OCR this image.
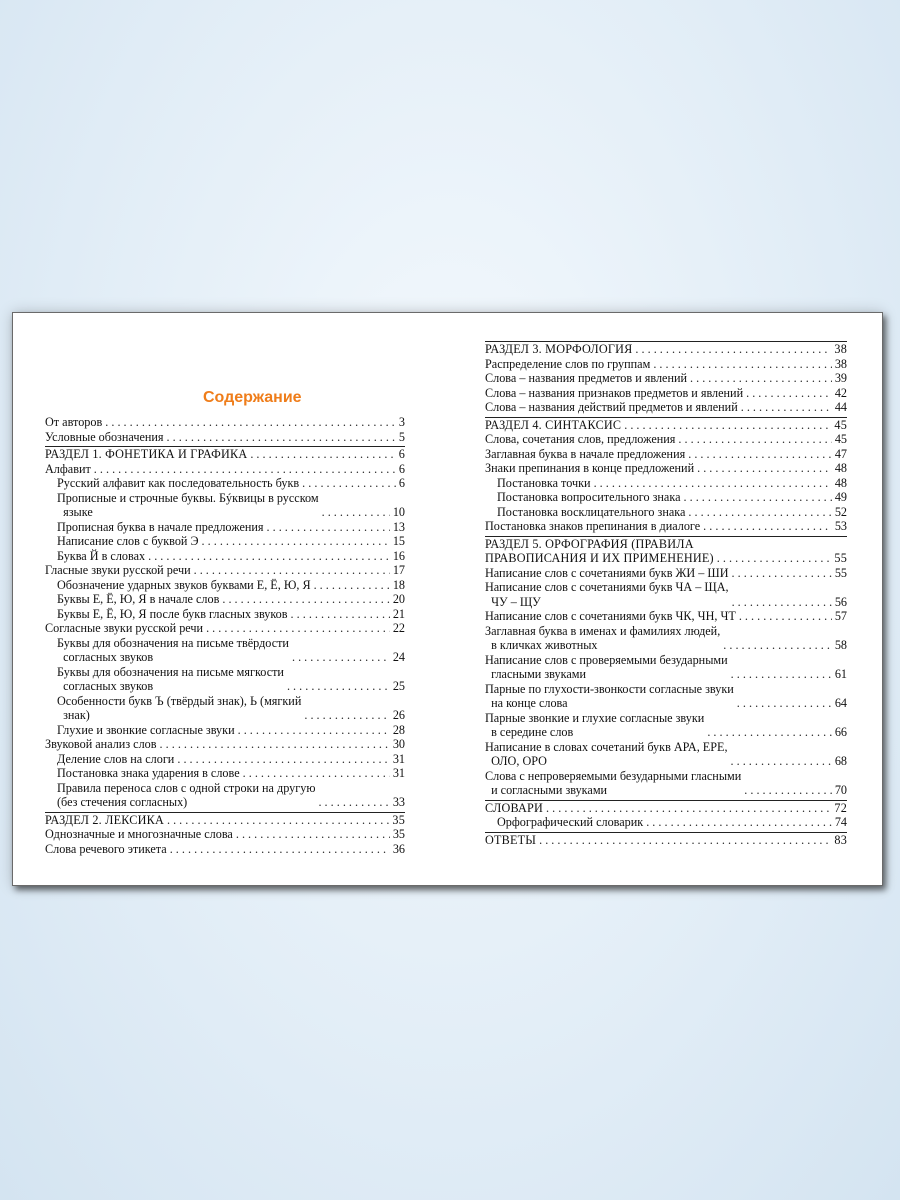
Содержание
От авторов . . .	3
Условные обозначения . . .	5
РАЗДЕЛ 1. ФОНЕТИКА И ГРАФИКА . . .	6
Алфавит . . .	6
Русский алфавит как последовательность букв . . .	6
Прописные и строчные буквы. Бýквицы в русском
языке . . .	10
Прописная буква в начале предложения . . .	13
Написание слов с буквой Э . . .	15
Буква Й в словах . . .	16
Гласные звуки русской речи . . .	17
Обозначение ударных звуков буквами Е, Ё, Ю, Я . . .	18
Буквы Е, Ё, Ю, Я в начале слов . . .	20
Буквы Е, Ё, Ю, Я после букв гласных звуков . . .	21
Согласные звуки русской речи . . .	22
Буквы для обозначения на письме твёрдости
согласных звуков . . .	24
Буквы для обозначения на письме мягкости
согласных звуков . . .	25
Особенности букв Ъ (твёрдый знак), Ь (мягкий
знак) . . .	26
Глухие и звонкие согласные звуки . . .	28
Звуковой анализ слов . . .	30
Деление слов на слоги . . .	31
Постановка знака ударения в слове . . .	31
Правила переноса слов с одной строки на другую
(без стечения согласных) . . .	33
РАЗДЕЛ 2. ЛЕКСИКА . . .	35
Однозначные и многозначные слова . . .	35
Слова речевого этикета . . .	36
РАЗДЕЛ 3. МОРФОЛОГИЯ . . .	38
Распределение слов по группам . . .	38
Слова – названия предметов и явлений . . .	39
Слова – названия признаков предметов и явлений . . .	42
Слова – названия действий предметов и явлений . . .	44
РАЗДЕЛ 4. СИНТАКСИС . . .	45
Слова, сочетания слов, предложения . . .	45
Заглавная буква в начале предложения . . .	47
Знаки препинания в конце предложений . . .	48
Постановка точки . . .	48
Постановка вопросительного знака . . .	49
Постановка восклицательного знака . . .	52
Постановка знаков препинания в диалоге . . .	53
РАЗДЕЛ 5. ОРФОГРАФИЯ (ПРАВИЛА
ПРАВОПИСАНИЯ И ИХ ПРИМЕНЕНИЕ) . . .	55
Написание слов с сочетаниями букв ЖИ – ШИ . . .	55
Написание слов с сочетаниями букв ЧА – ЩА,
ЧУ – ЩУ . . .	56
Написание слов с сочетаниями букв ЧК, ЧН, ЧТ . . .	57
Заглавная буква в именах и фамилиях людей,
в кличках животных . . .	58
Написание слов с проверяемыми безударными
гласными звуками . . .	61
Парные по глухости-звонкости согласные звуки
на конце слова . . .	64
Парные звонкие и глухие согласные звуки
в середине слов . . .	66
Написание в словах сочетаний букв АРА, ЕРЕ,
ОЛО, ОРО . . .	68
Слова с непроверяемыми безударными гласными
и согласными звуками . . .	70
СЛОВАРИ . . .	72
Орфографический словарик . . .	74
ОТВЕТЫ . . .	83
